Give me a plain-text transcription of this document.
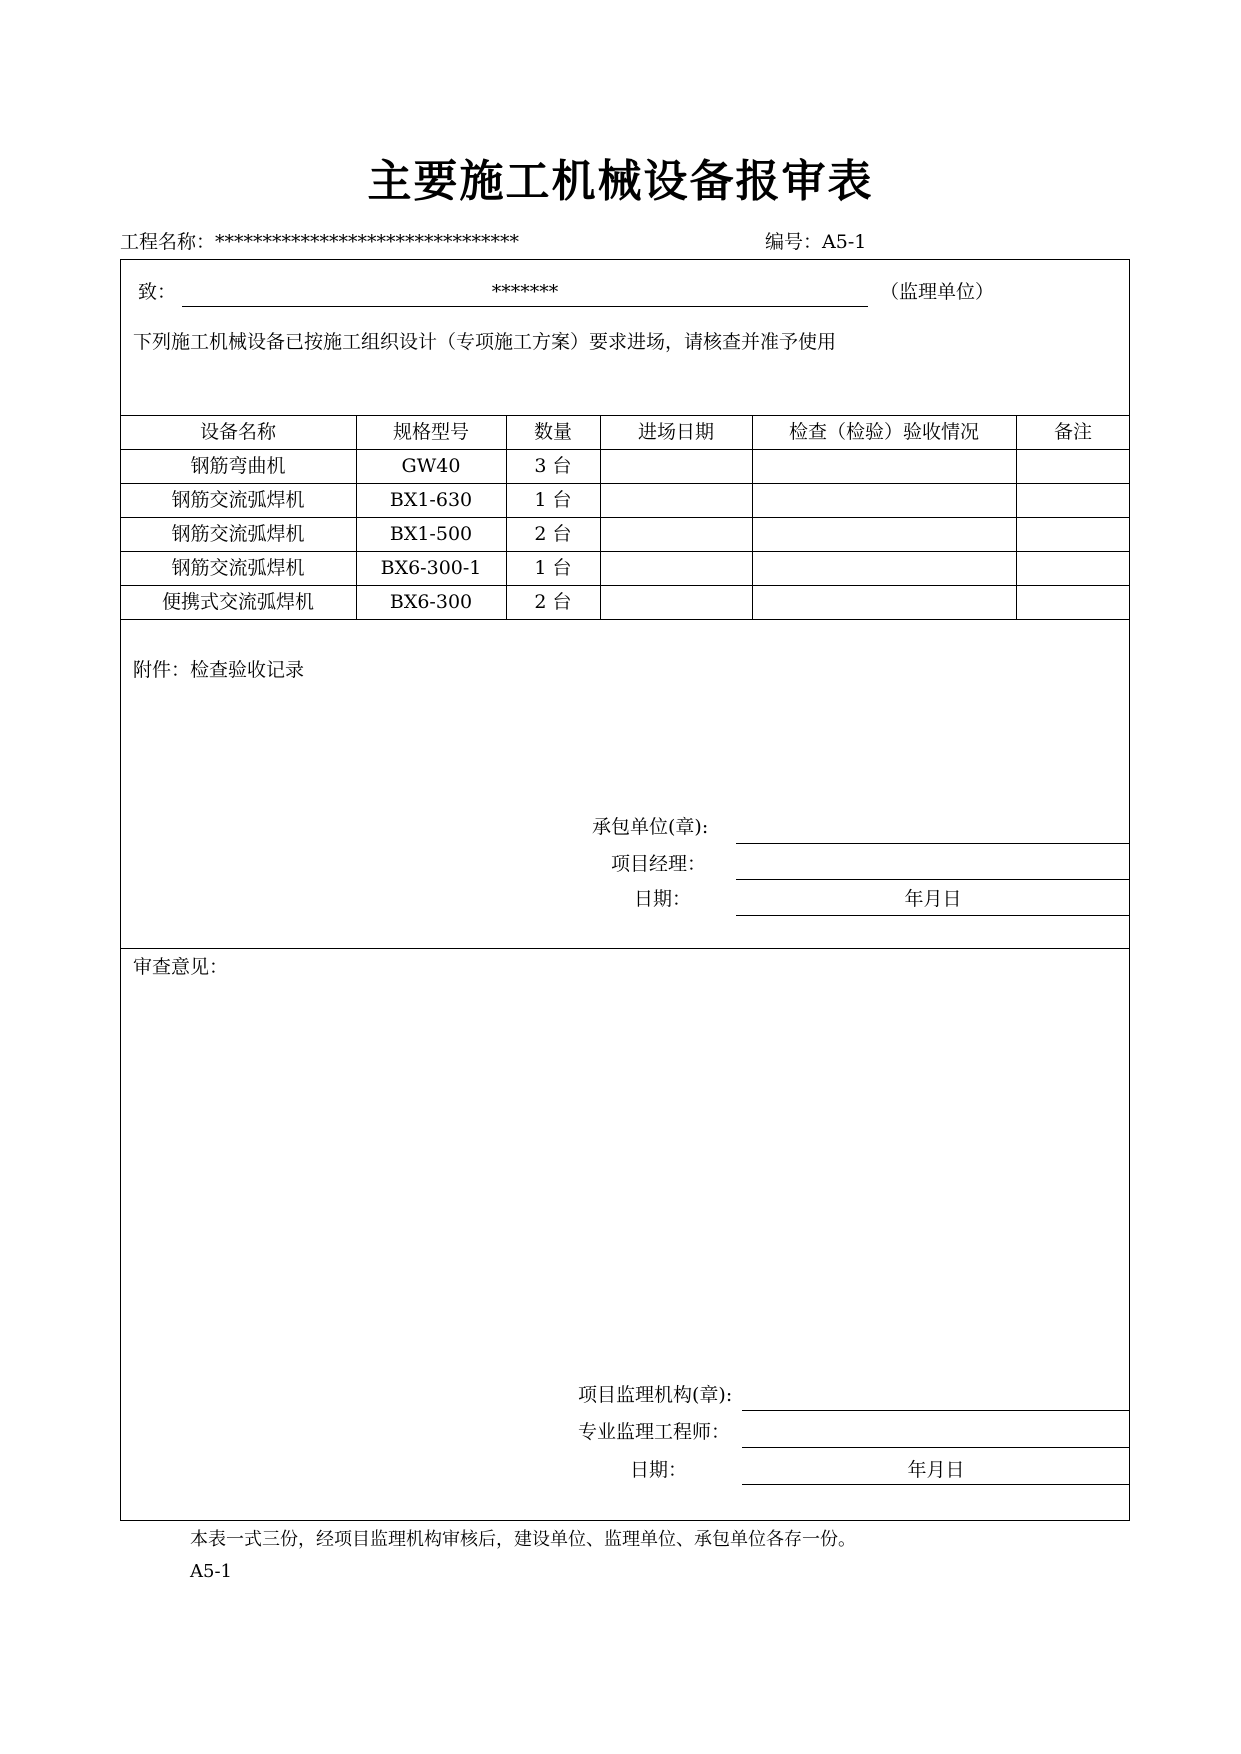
主要施工机械设备报审表
工程名称：********************************	编号：A5-1
致：	*******	（监理单位）
下列施工机械设备已按施工组织设计（专项施工方案）要求进场，请核查并准予使用
设备名称	规格型号	数量	进场日期	检查（检验）验收情况	备注
钢筋弯曲机	GW40	3 台
钢筋交流弧焊机	BX1-630	1 台
钢筋交流弧焊机	BX1-500	2 台
钢筋交流弧焊机	BX6-300-1	1 台
便携式交流弧焊机	BX6-300	2 台
附件：检查验收记录
承包单位(章):
项目经理：
日期：	年月日
审查意见：
项目监理机构(章):
专业监理工程师：
日期：	年月日
本表一式三份，经项目监理机构审核后，建设单位、监理单位、承包单位各存一份。
A5-1
